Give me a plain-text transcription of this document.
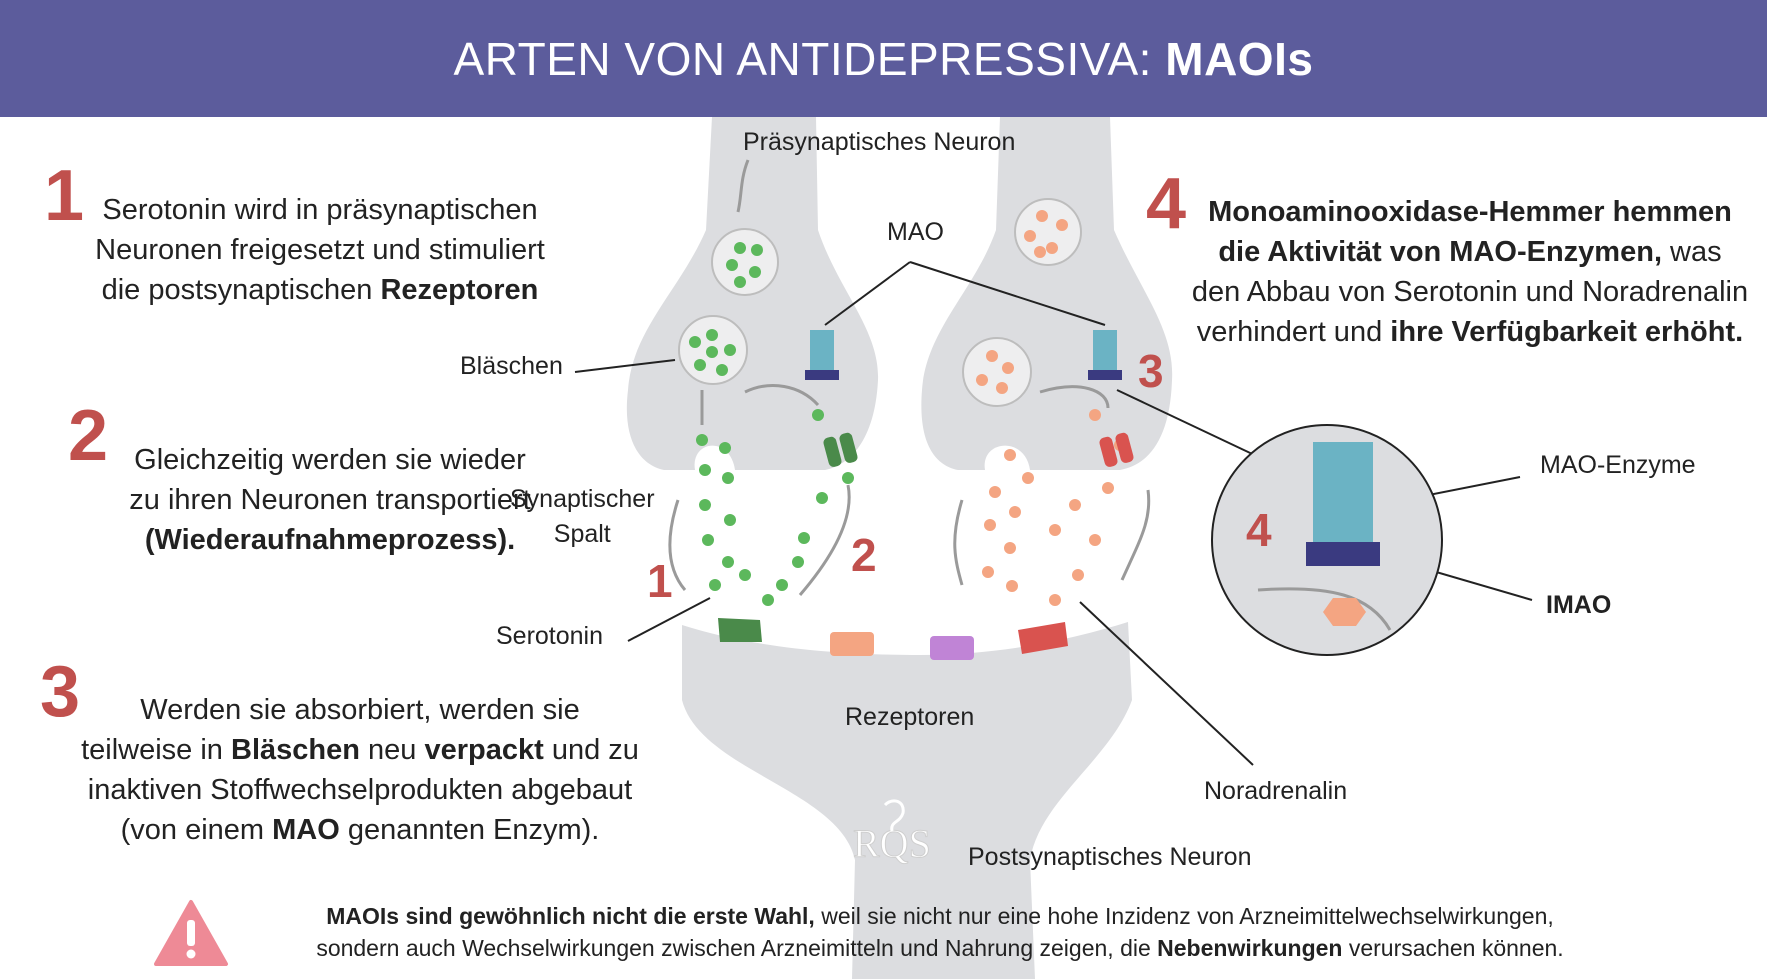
ARTEN VON ANTIDEPRESSIVA: MAOIs
1 Serotonin wird in präsynaptischen
Neuronen freigesetzt und stimuliert
die postsynaptischen Rezeptoren
2 Gleichzeitig werden sie wieder
zu ihren Neuronen transportiert
(Wiederaufnahmeprozess).
3	Werden sie absorbiert, werden sie
teilweise in Bläschen neu verpackt und zu
inaktiven Stoffwechselprodukten abgebaut
(von einem MAO genannten Enzym).
4 Monoaminooxidase-Hemmer hemmen
die Aktivität von MAO-Enzymen, was
den Abbau von Serotonin und Noradrenalin
verhindert und ihre Verfügbarkeit erhöht.
Präsynaptisches Neuron
MAO
Bläschen
Synaptischer
Spalt
Serotonin
Rezeptoren
Noradrenalin
Postsynaptisches Neuron
MAO-Enzyme
IMAO
1	2
3
4
RQS
MAOIs sind gewöhnlich nicht die erste Wahl, weil sie nicht nur eine hohe Inzidenz von Arzneimittelwechselwirkungen,
sondern auch Wechselwirkungen zwischen Arzneimitteln und Nahrung zeigen, die Nebenwirkungen verursachen können.
